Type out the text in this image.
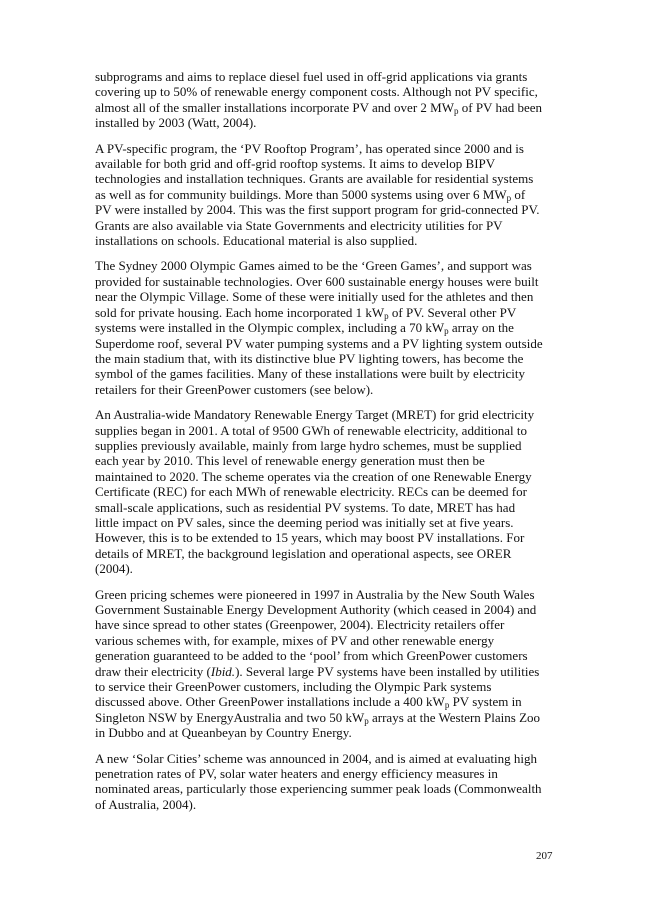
subprograms and aims to replace diesel fuel used in off-grid applications via grants
covering up to 50% of renewable energy component costs. Although not PV specific,
almost all of the smaller installations incorporate PV and over 2 $MW_p$ of PV had been
installed by 2003 (Watt, 2004).
A PV-specific program, the ‘PV Rooftop Program’, has operated since 2000 and is
available for both grid and off-grid rooftop systems. It aims to develop BIPV
technologies and installation techniques. Grants are available for residential systems
as well as for community buildings. More than 5000 systems using over 6 $MW_p$ of
PV were installed by 2004. This was the first support program for grid-connected PV.
Grants are also available via State Governments and electricity utilities for PV
installations on schools. Educational material is also supplied.
The Sydney 2000 Olympic Games aimed to be the ‘Green Games’, and support was
provided for sustainable technologies. Over 600 sustainable energy houses were built
near the Olympic Village. Some of these were initially used for the athletes and then
sold for private housing. Each home incorporated 1 $kW_p$ of PV. Several other PV
systems were installed in the Olympic complex, including a 70 $kW_p$ array on the
Superdome roof, several PV water pumping systems and a PV lighting system outside
the main stadium that, with its distinctive blue PV lighting towers, has become the
symbol of the games facilities. Many of these installations were built by electricity
retailers for their GreenPower customers (see below).
An Australia-wide Mandatory Renewable Energy Target (MRET) for grid electricity
supplies began in 2001. A total of 9500 GWh of renewable electricity, additional to
supplies previously available, mainly from large hydro schemes, must be supplied
each year by 2010. This level of renewable energy generation must then be
maintained to 2020. The scheme operates via the creation of one Renewable Energy
Certificate (REC) for each MWh of renewable electricity. RECs can be deemed for
small-scale applications, such as residential PV systems. To date, MRET has had
little impact on PV sales, since the deeming period was initially set at five years.
However, this is to be extended to 15 years, which may boost PV installations. For
details of MRET, the background legislation and operational aspects, see ORER
(2004).
Green pricing schemes were pioneered in 1997 in Australia by the New South Wales
Government Sustainable Energy Development Authority (which ceased in 2004) and
have since spread to other states (Greenpower, 2004). Electricity retailers offer
various schemes with, for example, mixes of PV and other renewable energy
generation guaranteed to be added to the ‘pool’ from which GreenPower customers
draw their electricity (Ibid.). Several large PV systems have been installed by utilities
to service their GreenPower customers, including the Olympic Park systems
discussed above. Other GreenPower installations include a 400 $kW_p$ PV system in
Singleton NSW by EnergyAustralia and two 50 $kW_p$ arrays at the Western Plains Zoo
in Dubbo and at Queanbeyan by Country Energy.
A new ‘Solar Cities’ scheme was announced in 2004, and is aimed at evaluating high
penetration rates of PV, solar water heaters and energy efficiency measures in
nominated areas, particularly those experiencing summer peak loads (Commonwealth
of Australia, 2004).
207
